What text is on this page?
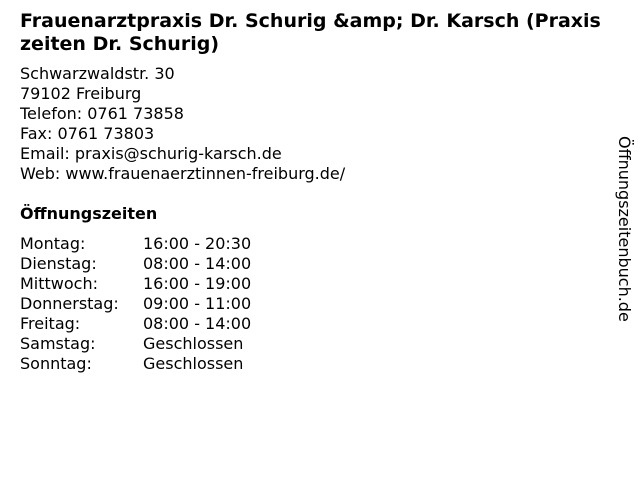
Frauenarztpraxis Dr. Schurig &amp; Dr. Karsch (Praxiszeiten Dr. Schurig)
Schwarzwaldstr. 30
79102 Freiburg
Telefon: 0761 73858
Fax: 0761 73803
Email: praxis@schurig-karsch.de
Web: www.frauenaerztinnen-freiburg.de/
Öffnungszeiten
Montag:	16:00 - 20:30
Dienstag:	08:00 - 14:00
Mittwoch:	16:00 - 19:00
Donnerstag:	09:00 - 11:00
Freitag:	08:00 - 14:00
Samstag:	Geschlossen
Sonntag:	Geschlossen
Öffnungszeitenbuch.de
